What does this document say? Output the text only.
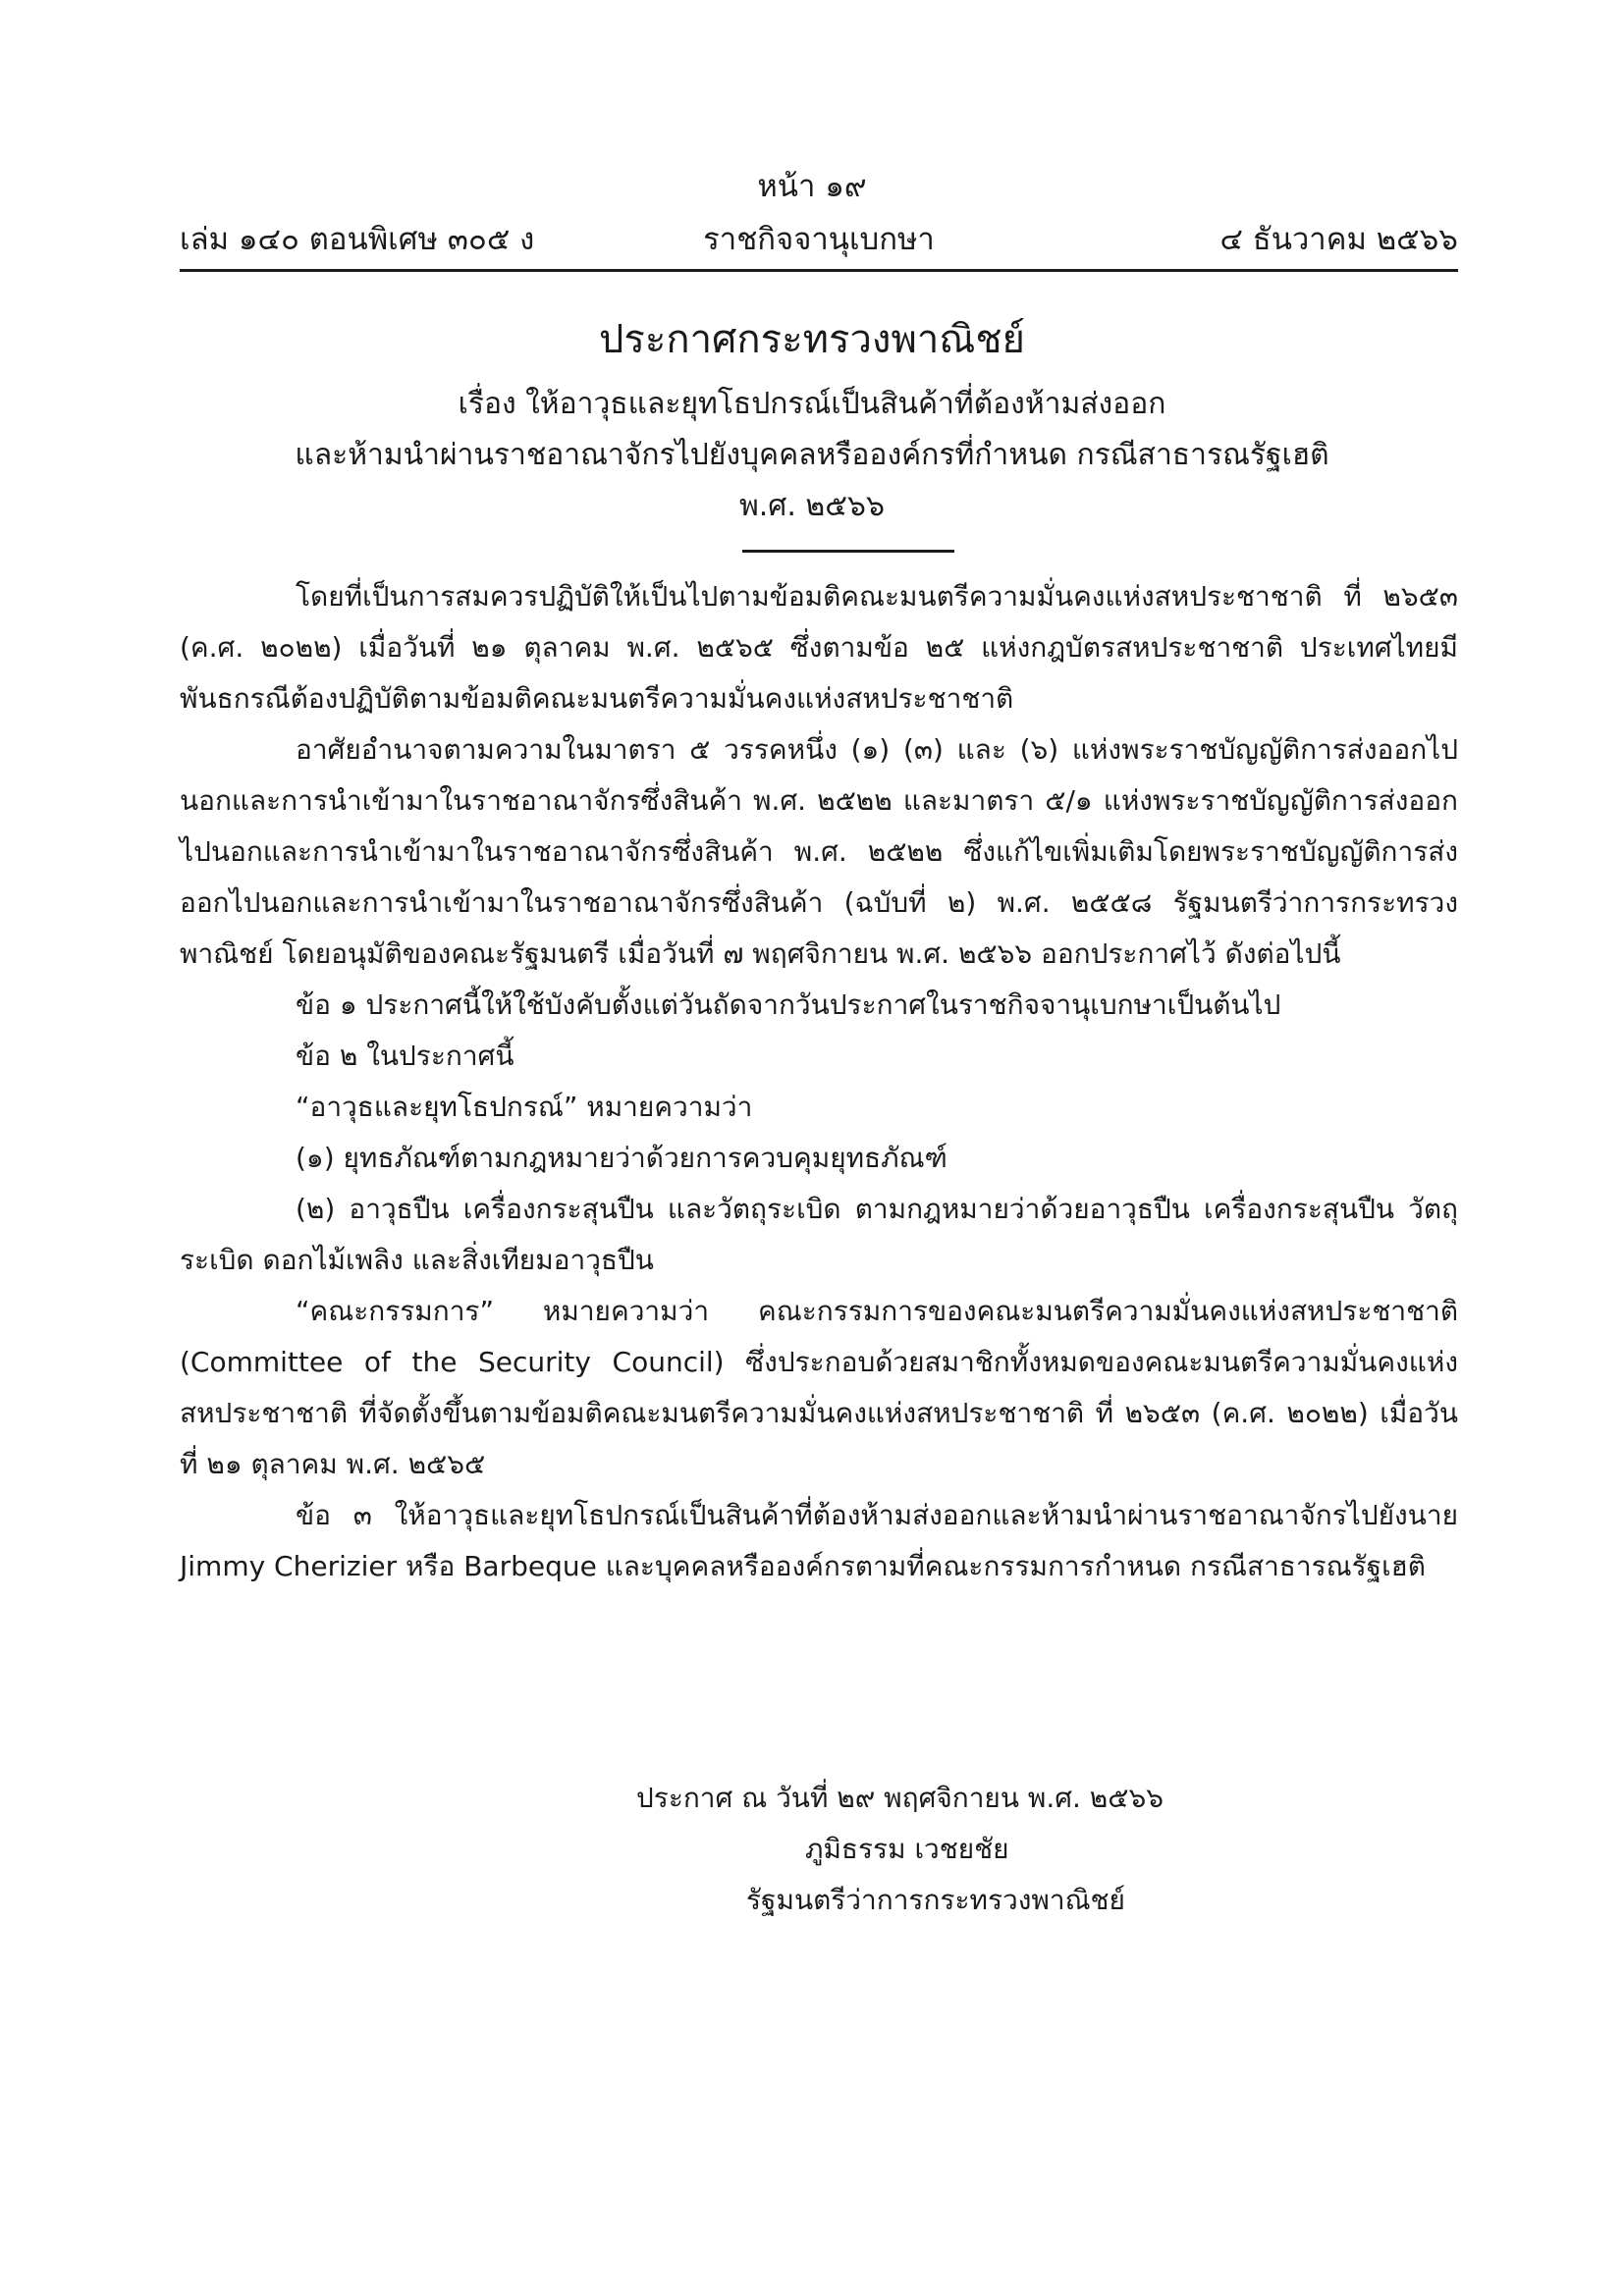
หน้า ๑๙
เล่ม ๑๔๐ ตอนพิเศษ ๓๐๕ ง	ราชกิจจานุเบกษา	๔ ธันวาคม ๒๕๖๖
ประกาศกระทรวงพาณิชย์
เรื่อง ให้อาวุธและยุทโธปกรณ์เป็นสินค้าที่ต้องห้ามส่งออก
และห้ามนำผ่านราชอาณาจักรไปยังบุคคลหรือองค์กรที่กำหนด กรณีสาธารณรัฐเฮติ
พ.ศ. ๒๕๖๖

โดยที่เป็นการสมควรปฏิบัติให้เป็นไปตามข้อมติคณะมนตรีความมั่นคงแห่งสหประชาชาติ ที่ ๒๖๕๓ (ค.ศ. ๒๐๒๒) เมื่อวันที่ ๒๑ ตุลาคม พ.ศ. ๒๕๖๕ ซึ่งตามข้อ ๒๕ แห่งกฎบัตรสหประชาชาติ ประเทศไทยมีพันธกรณีต้องปฏิบัติตามข้อมติคณะมนตรีความมั่นคงแห่งสหประชาชาติ

อาศัยอำนาจตามความในมาตรา ๕ วรรคหนึ่ง (๑) (๓) และ (๖) แห่งพระราชบัญญัติการส่งออกไปนอกและการนำเข้ามาในราชอาณาจักรซึ่งสินค้า พ.ศ. ๒๕๒๒ และมาตรา ๕/๑ แห่งพระราชบัญญัติการส่งออกไปนอกและการนำเข้ามาในราชอาณาจักรซึ่งสินค้า พ.ศ. ๒๕๒๒ ซึ่งแก้ไขเพิ่มเติมโดยพระราชบัญญัติการส่งออกไปนอกและการนำเข้ามาในราชอาณาจักรซึ่งสินค้า (ฉบับที่ ๒) พ.ศ. ๒๕๕๘ รัฐมนตรีว่าการกระทรวงพาณิชย์ โดยอนุมัติของคณะรัฐมนตรี เมื่อวันที่ ๗ พฤศจิกายน พ.ศ. ๒๕๖๖ ออกประกาศไว้ ดังต่อไปนี้

ข้อ ๑ ประกาศนี้ให้ใช้บังคับตั้งแต่วันถัดจากวันประกาศในราชกิจจานุเบกษาเป็นต้นไป

ข้อ ๒ ในประกาศนี้

“อาวุธและยุทโธปกรณ์” หมายความว่า

(๑) ยุทธภัณฑ์ตามกฎหมายว่าด้วยการควบคุมยุทธภัณฑ์

(๒) อาวุธปืน เครื่องกระสุนปืน และวัตถุระเบิด ตามกฎหมายว่าด้วยอาวุธปืน เครื่องกระสุนปืน วัตถุระเบิด ดอกไม้เพลิง และสิ่งเทียมอาวุธปืน

“คณะกรรมการ” หมายความว่า คณะกรรมการของคณะมนตรีความมั่นคงแห่งสหประชาชาติ (Committee of the Security Council) ซึ่งประกอบด้วยสมาชิกทั้งหมดของคณะมนตรีความมั่นคงแห่งสหประชาชาติ ที่จัดตั้งขึ้นตามข้อมติคณะมนตรีความมั่นคงแห่งสหประชาชาติ ที่ ๒๖๕๓ (ค.ศ. ๒๐๒๒) เมื่อวันที่ ๒๑ ตุลาคม พ.ศ. ๒๕๖๕

ข้อ ๓ ให้อาวุธและยุทโธปกรณ์เป็นสินค้าที่ต้องห้ามส่งออกและห้ามนำผ่านราชอาณาจักรไปยังนาย Jimmy Cherizier หรือ Barbeque และบุคคลหรือองค์กรตามที่คณะกรรมการกำหนด กรณีสาธารณรัฐเฮติ

ประกาศ ณ วันที่ ๒๙ พฤศจิกายน พ.ศ. ๒๕๖๖
ภูมิธรรม เวชยชัย
รัฐมนตรีว่าการกระทรวงพาณิชย์
